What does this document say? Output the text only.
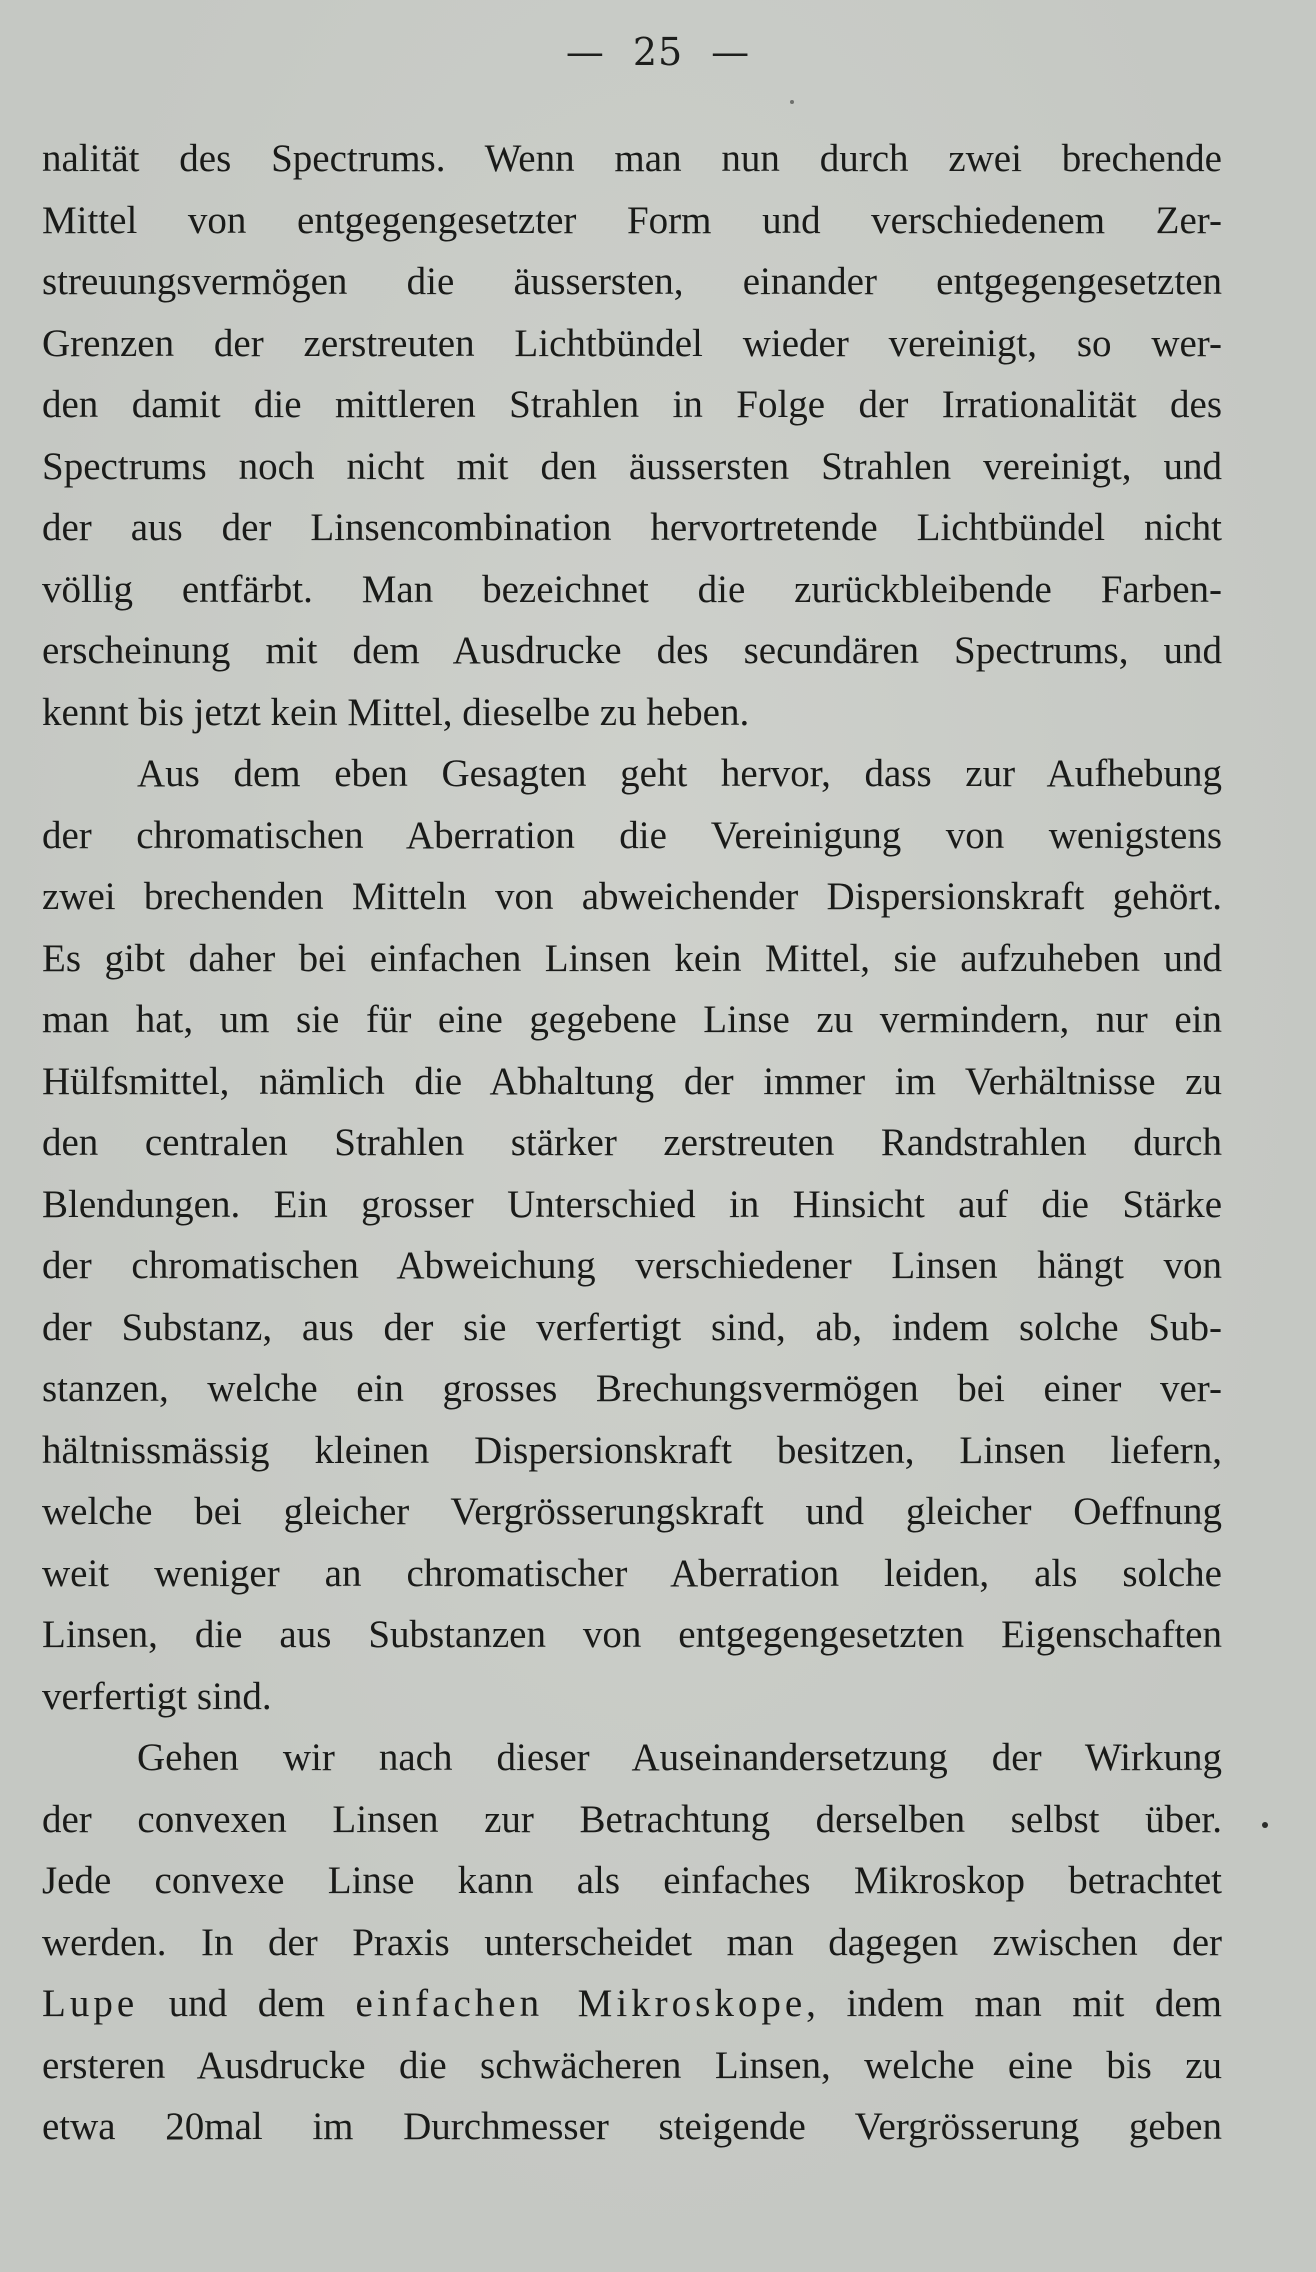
— 25 —
nalität des Spectrums. Wenn man nun durch zwei brechende
Mittel von entgegengesetzter Form und verschiedenem Zer-
streuungsvermögen die äussersten, einander entgegengesetzten
Grenzen der zerstreuten Lichtbündel wieder vereinigt, so wer-
den damit die mittleren Strahlen in Folge der Irrationalität des
Spectrums noch nicht mit den äussersten Strahlen vereinigt, und
der aus der Linsencombination hervortretende Lichtbündel nicht
völlig entfärbt. Man bezeichnet die zurückbleibende Farben-
erscheinung mit dem Ausdrucke des secundären Spectrums, und
kennt bis jetzt kein Mittel, dieselbe zu heben.
Aus dem eben Gesagten geht hervor, dass zur Aufhebung
der chromatischen Aberration die Vereinigung von wenigstens
zwei brechenden Mitteln von abweichender Dispersionskraft gehört.
Es gibt daher bei einfachen Linsen kein Mittel, sie aufzuheben und
man hat, um sie für eine gegebene Linse zu vermindern, nur ein
Hülfsmittel, nämlich die Abhaltung der immer im Verhältnisse zu
den centralen Strahlen stärker zerstreuten Randstrahlen durch
Blendungen. Ein grosser Unterschied in Hinsicht auf die Stärke
der chromatischen Abweichung verschiedener Linsen hängt von
der Substanz, aus der sie verfertigt sind, ab, indem solche Sub-
stanzen, welche ein grosses Brechungsvermögen bei einer ver-
hältnissmässig kleinen Dispersionskraft besitzen, Linsen liefern,
welche bei gleicher Vergrösserungskraft und gleicher Oeffnung
weit weniger an chromatischer Aberration leiden, als solche
Linsen, die aus Substanzen von entgegengesetzten Eigenschaften
verfertigt sind.
Gehen wir nach dieser Auseinandersetzung der Wirkung
der convexen Linsen zur Betrachtung derselben selbst über.
Jede convexe Linse kann als einfaches Mikroskop betrachtet
werden. In der Praxis unterscheidet man dagegen zwischen der
Lupe und dem einfachen Mikroskope, indem man mit dem
ersteren Ausdrucke die schwächeren Linsen, welche eine bis zu
etwa 20mal im Durchmesser steigende Vergrösserung geben
